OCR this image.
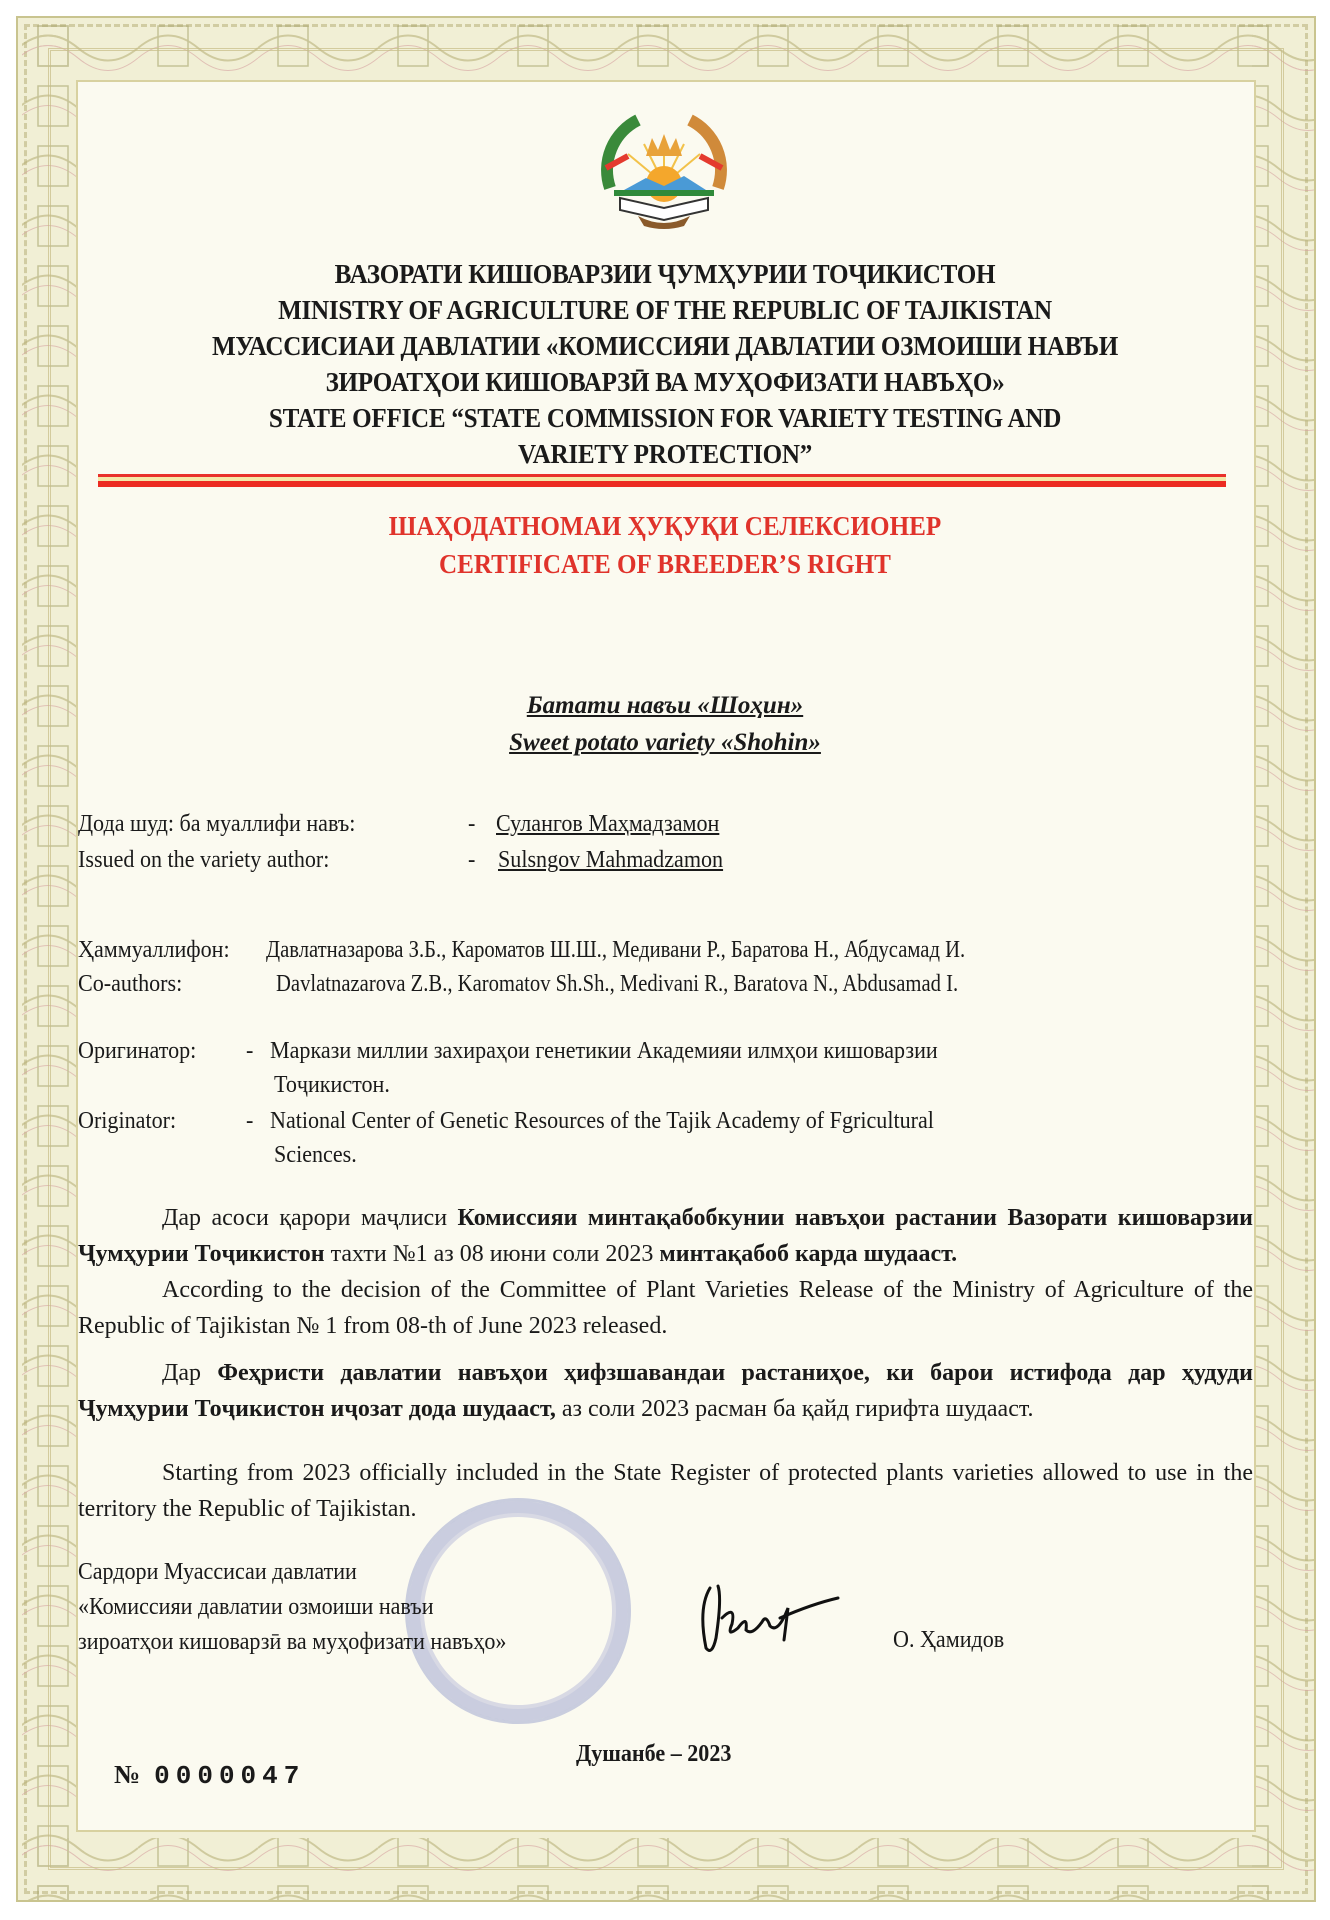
ВАЗОРАТИ КИШОВАРЗИИ ҶУМҲУРИИ ТОҶИКИСТОН
MINISTRY OF AGRICULTURE OF THE REPUBLIC OF TAJIKISTAN
МУАССИСИАИ ДАВЛАТИИ «КОМИССИЯИ ДАВЛАТИИ ОЗМОИШИ НАВЪИ
ЗИРОАТҲОИ КИШОВАРЗӢ ВА МУҲОФИЗАТИ НАВЪҲО»
STATE OFFICE “STATE COMMISSION FOR VARIETY TESTING AND
VARIETY PROTECTION”
ШАҲОДАТНОМАИ ҲУҚУҚИ СЕЛЕКСИОНЕР
CERTIFICATE OF BREEDER’S RIGHT
Батати навъи «Шоҳин»
Sweet potato variety «Shohin»
Дода шуд: ба муаллифи навъ:	- Сулангов Маҳмадзамон
Issued on the variety author:	- Sulsngov Mahmadzamon
Ҳаммуаллифон: Давлатназарова З.Б., Кароматов Ш.Ш., Медивани Р., Баратова Н., Абдусамад И.
Co-authors:	Davlatnazarova Z.B., Karomatov Sh.Sh., Medivani R., Baratova N., Abdusamad I.
Оригинатор: - Маркази миллии захираҳои генетикии Академияи илмҳои кишоварзии
Тоҷикистон.
Originator:	- National Center of Genetic Resources of the Tajik Academy of Fgricultural
Sciences.
Дар асоси қарори маҷлиси Комиссияи минтақабобкунии навъҳои растании Вазорати кишоварзии Ҷумҳурии Тоҷикистон тахти №1 аз 08 июни соли 2023 минтақабоб карда шудааст.
According to the decision of the Committee of Plant Varieties Release of the Ministry of Agriculture of the Republic of Tajikistan № 1 from 08-th of June 2023 released.
Дар Феҳристи давлатии навъҳои ҳифзшавандаи растаниҳое, ки барои истифода дар ҳудуди Ҷумҳурии Тоҷикистон иҷозат дода шудааст, аз соли 2023 расман ба қайд гирифта шудааст.
Starting from 2023 officially included in the State Register of protected plants varieties allowed to use in the territory the Republic of Tajikistan.
Сардори Муассисаи давлатии
«Комиссияи давлатии озмоиши навъи
зироатҳои кишоварзӣ ва муҳофизати навъҳо»	О. Ҳамидов
Душанбе – 2023
№ 0000047
